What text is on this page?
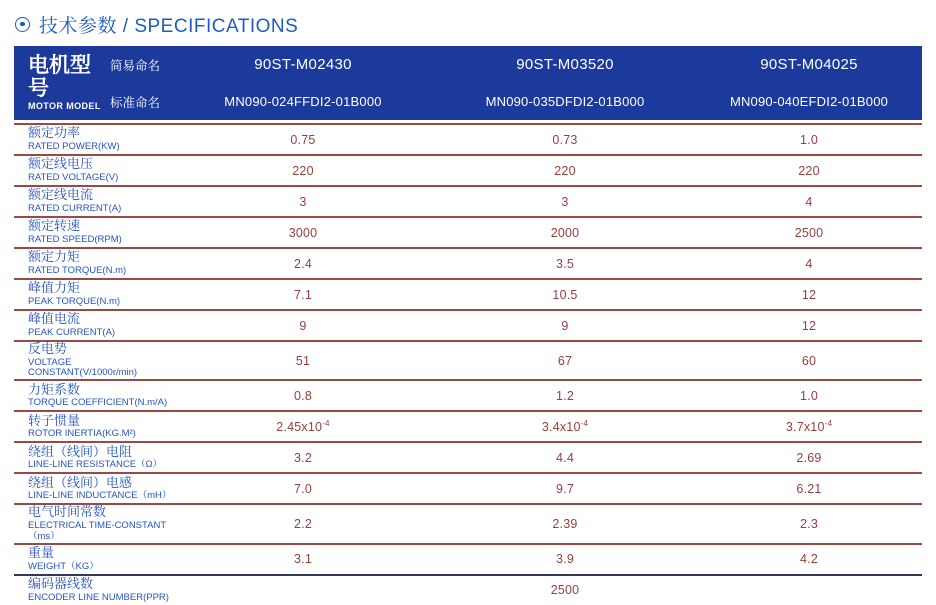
技术参数 / SPECIFICATIONS
电机型号
MOTOR MODEL	简易命名	90ST-M02430	90ST-M03520	90ST-M04025
	标准命名	MN090-024FFDI2-01B000	MN090-035DFDI2-01B000	MN090-040EFDI2-01B000
额定功率
RATED POWER(KW)	0.75	0.73	1.0

额定线电压
RATED VOLTAGE(V)	220	220	220

额定线电流
RATED CURRENT(A)	3	3	4

额定转速
RATED SPEED(RPM)	3000	2000	2500

额定力矩
RATED TORQUE(N.m)	2.4	3.5	4

峰值力矩
PEAK TORQUE(N.m)	7.1	10.5	12

峰值电流
PEAK CURRENT(A)	9	9	12

反电势
VOLTAGE CONSTANT(V/1000r/min)	51	67	60

力矩系数
TORQUE COEFFICIENT(N.m/A)	0.8	1.2	1.0

转子惯量
ROTOR INERTIA(KG.M²)	$2.45x10^{-4}$	$3.4x10^{-4}$	$3.7x10^{-4}$

绕组（线间）电阻
LINE-LINE RESISTANCE（Ω）	3.2	4.4	2.69

绕组（线间）电感
LINE-LINE INDUCTANCE（mH）	7.0	9.7	6.21

电气时间常数
ELECTRICAL TIME-CONSTANT（ms）	2.2	2.39	2.3

重量
WEIGHT（KG）	3.1	3.9	4.2

编码器线数
ENCODER LINE NUMBER(PPR)		2500	
